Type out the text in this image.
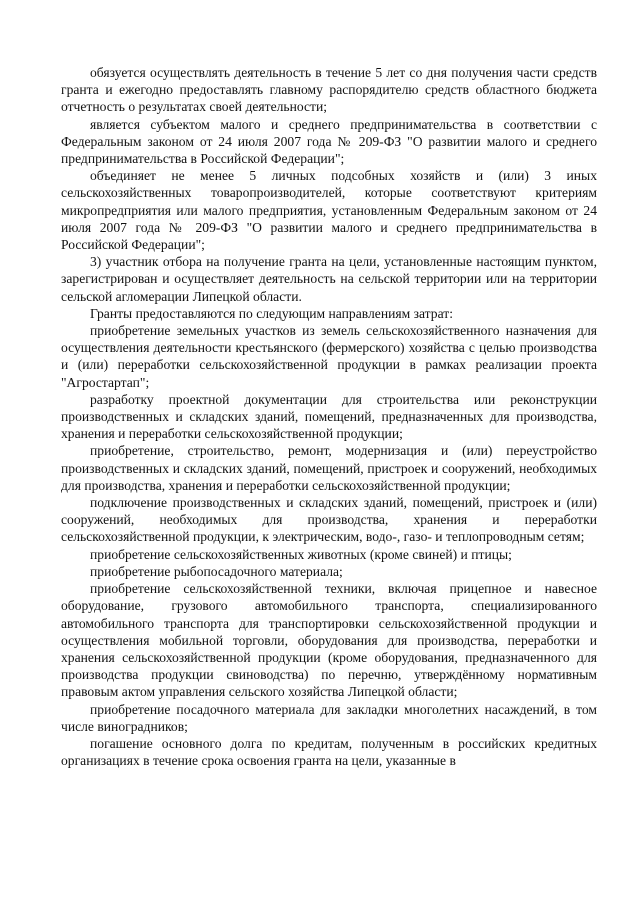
обязуется осуществлять деятельность в течение 5 лет со дня получения части средств гранта и ежегодно предоставлять главному распорядителю средств областного бюджета отчетность о результатах своей деятельности;

является субъектом малого и среднего предпринимательства в соответствии с Федеральным законом от 24 июля 2007 года № 209-ФЗ "О развитии малого и среднего предпринимательства в Российской Федерации";

объединяет не менее 5 личных подсобных хозяйств и (или) 3 иных сельскохозяйственных товаропроизводителей, которые соответствуют критериям микропредприятия или малого предприятия, установленным Федеральным законом от 24 июля 2007 года № 209-ФЗ "О развитии малого и среднего предпринимательства в Российской Федерации";

3) участник отбора на получение гранта на цели, установленные настоящим пунктом, зарегистрирован и осуществляет деятельность на сельской территории или на территории сельской агломерации Липецкой области.

Гранты предоставляются по следующим направлениям затрат:

приобретение земельных участков из земель сельскохозяйственного назначения для осуществления деятельности крестьянского (фермерского) хозяйства с целью производства и (или) переработки сельскохозяйственной продукции в рамках реализации проекта "Агростартап";

разработку проектной документации для строительства или реконструкции производственных и складских зданий, помещений, предназначенных для производства, хранения и переработки сельскохозяйственной продукции;

приобретение, строительство, ремонт, модернизация и (или) переустройство производственных и складских зданий, помещений, пристроек и сооружений, необходимых для производства, хранения и переработки сельскохозяйственной продукции;

подключение производственных и складских зданий, помещений, пристроек и (или) сооружений, необходимых для производства, хранения и переработки сельскохозяйственной продукции, к электрическим, водо-, газо- и теплопроводным сетям;

приобретение сельскохозяйственных животных (кроме свиней) и птицы;

приобретение рыбопосадочного материала;

приобретение сельскохозяйственной техники, включая прицепное и навесное оборудование, грузового автомобильного транспорта, специализированного автомобильного транспорта для транспортировки сельскохозяйственной продукции и осуществления мобильной торговли, оборудования для производства, переработки и хранения сельскохозяйственной продукции (кроме оборудования, предназначенного для производства продукции свиноводства) по перечню, утверждённому нормативным правовым актом управления сельского хозяйства Липецкой области;

приобретение посадочного материала для закладки многолетних насаждений, в том числе виноградников;

погашение основного долга по кредитам, полученным в российских кредитных организациях в течение срока освоения гранта на цели, указанные в
